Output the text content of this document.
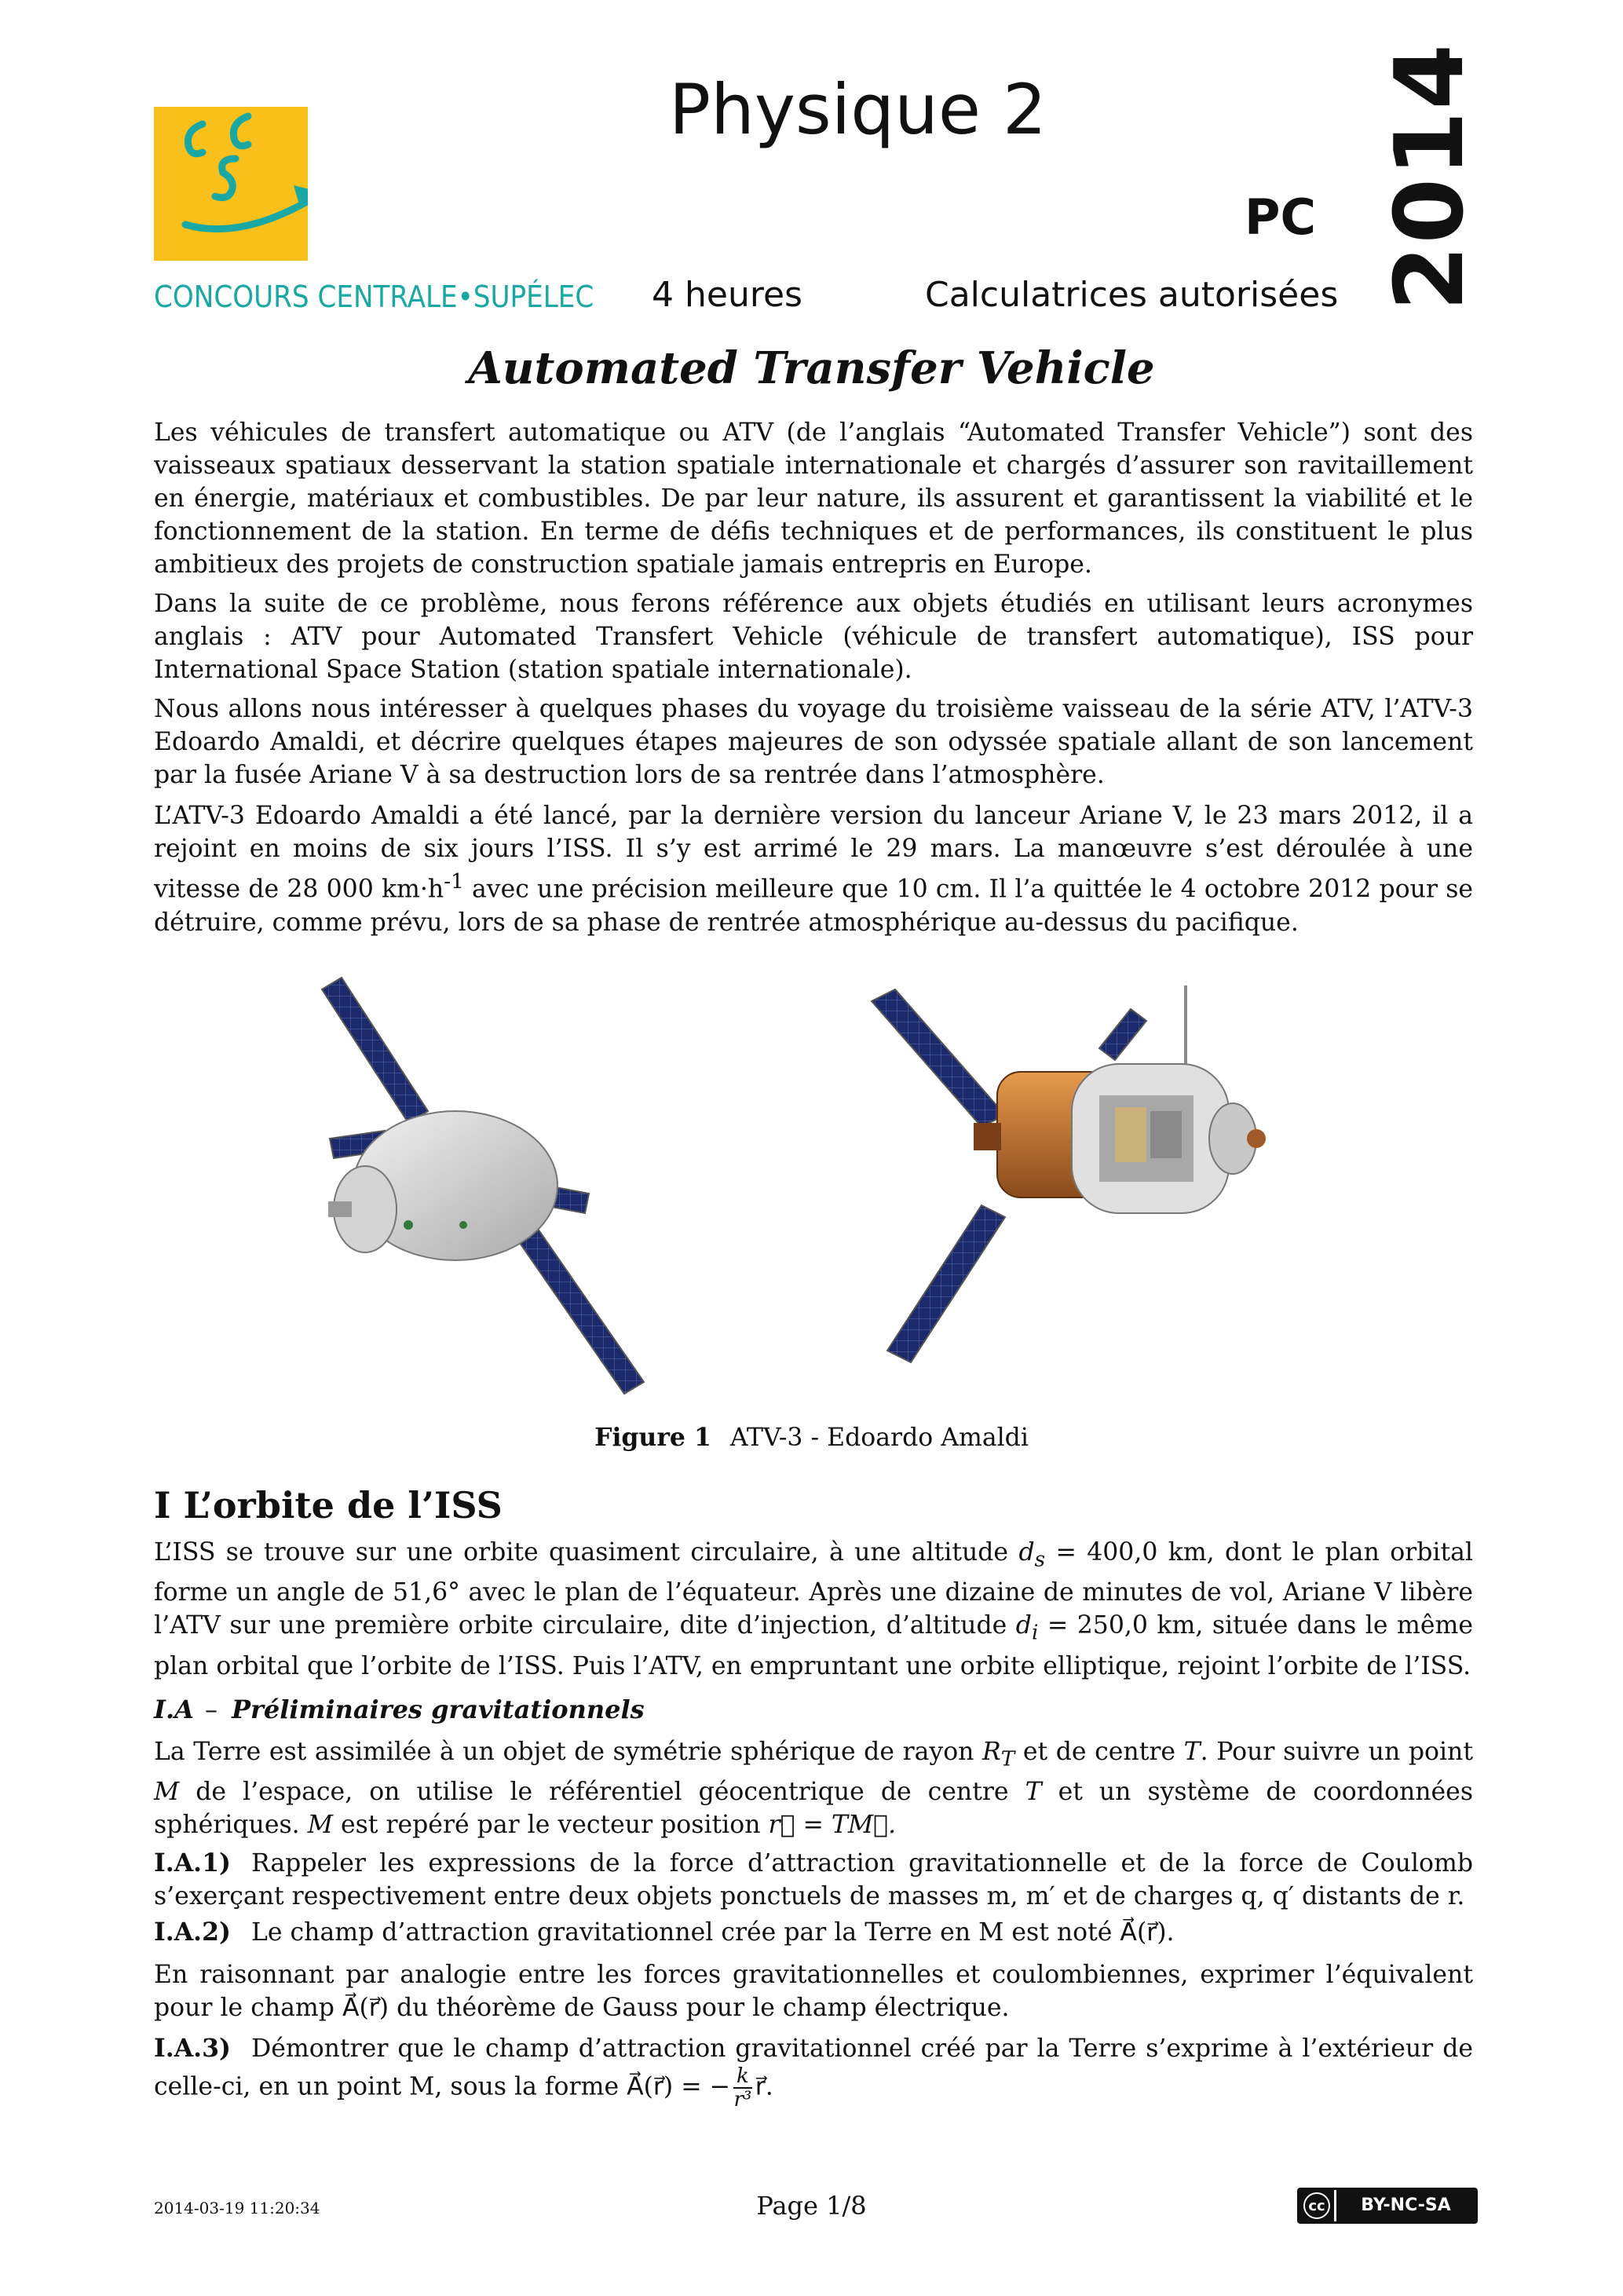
CONCOURS CENTRALE•SUPÉLEC
Physique 2
PC
4 heures	Calculatrices autorisées 2014
Automated Transfer Vehicle

Les véhicules de transfert automatique ou ATV (de l’anglais “Automated Transfer Vehicle”) sont des vaisseaux spatiaux desservant la station spatiale internationale et chargés d’assurer son ravitaillement en énergie, matériaux et combustibles. De par leur nature, ils assurent et garantissent la viabilité et le fonctionnement de la station. En terme de défis techniques et de performances, ils constituent le plus ambitieux des projets de construction spatiale jamais entrepris en Europe.

Dans la suite de ce problème, nous ferons référence aux objets étudiés en utilisant leurs acronymes anglais : ATV pour Automated Transfert Vehicle (véhicule de transfert automatique), ISS pour International Space Station (station spatiale internationale).

Nous allons nous intéresser à quelques phases du voyage du troisième vaisseau de la série ATV, l’ATV-3 Edoardo Amaldi, et décrire quelques étapes majeures de son odyssée spatiale allant de son lancement par la fusée Ariane V à sa destruction lors de sa rentrée dans l’atmosphère.

L’ATV-3 Edoardo Amaldi a été lancé, par la dernière version du lanceur Ariane V, le 23 mars 2012, il a rejoint en moins de six jours l’ISS. Il s’y est arrimé le 29 mars. La manœuvre s’est déroulée à une vitesse de 28 000 $km\cdot h^{-1}$ avec une précision meilleure que 10 cm. Il l’a quittée le 4 octobre 2012 pour se détruire, comme prévu, lors de sa phase de rentrée atmosphérique au-dessus du pacifique.

Figure 1 ATV-3 - Edoardo Amaldi
I L’orbite de l’ISS

L’ISS se trouve sur une orbite quasiment circulaire, à une altitude $d_s = 400,0$ km, dont le plan orbital forme un angle de 51,6° avec le plan de l’équateur. Après une dizaine de minutes de vol, Ariane V libère l’ATV sur une première orbite circulaire, dite d’injection, d’altitude $d_i = 250,0$ km, située dans le même plan orbital que l’orbite de l’ISS. Puis l’ATV, en empruntant une orbite elliptique, rejoint l’orbite de l’ISS.

I.A – Préliminaires gravitationnels

La Terre est assimilée à un objet de symétrie sphérique de rayon $R_T$ et de centre T. Pour suivre un point M de l’espace, on utilise le référentiel géocentrique de centre T et un système de coordonnées sphériques. M est repéré par le vecteur position r⃗ = TM⃗.

I.A.1) Rappeler les expressions de la force d’attraction gravitationnelle et de la force de Coulomb s’exerçant respectivement entre deux objets ponctuels de masses m, m′ et de charges q, q′ distants de r.

I.A.2) Le champ d’attraction gravitationnel crée par la Terre en M est noté A⃗(r⃗).

En raisonnant par analogie entre les forces gravitationnelles et coulombiennes, exprimer l’équivalent pour le champ A⃗(r⃗) du théorème de Gauss pour le champ électrique.

I.A.3) Démontrer que le champ d’attraction gravitationnel créé par la Terre s’exprime à l’extérieur de celle-ci, en un point M, sous la forme A⃗(r⃗) = − $\frac{k}{\text{r³}}$ r⃗.

2014-03-19 11:20:34	Page 1/8	cc	BY-NC-SA
